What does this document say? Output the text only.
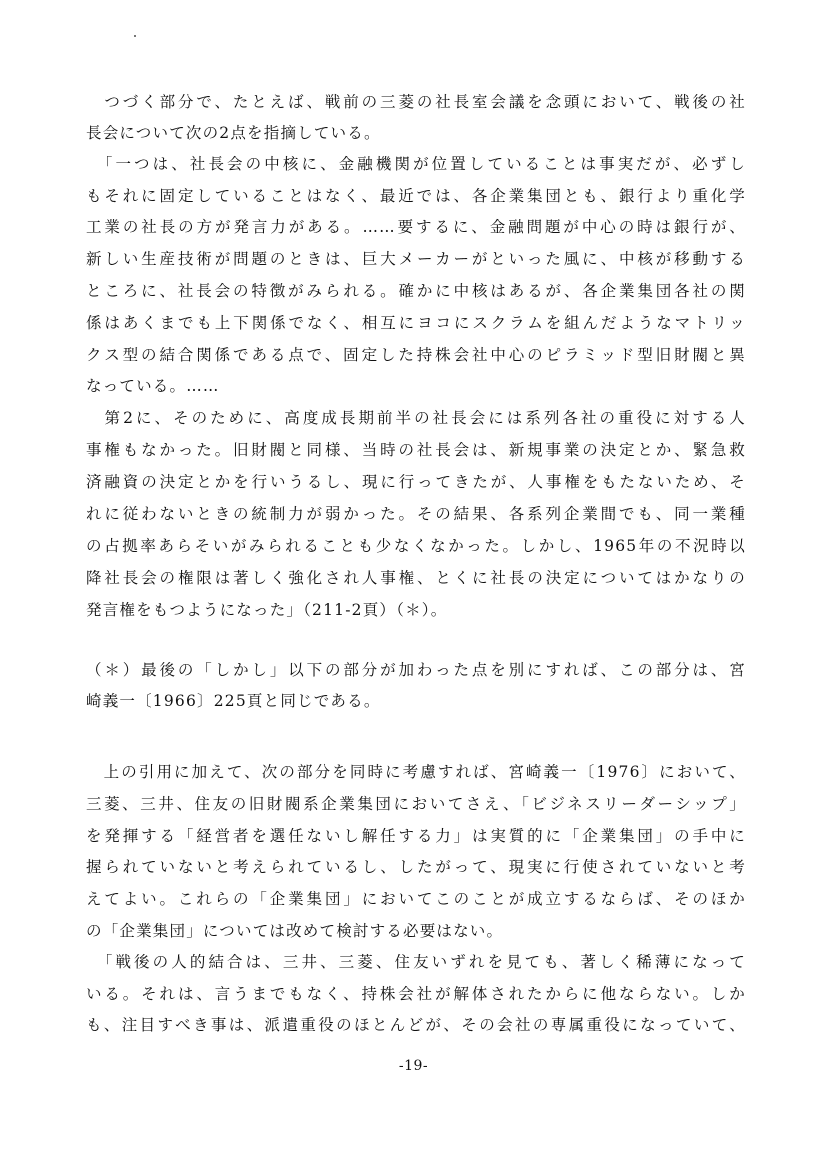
　つづく部分で、たとえば、戦前の三菱の社長室会議を念頭において、戦後の社
長会について次の2点を指摘している。
　「一つは、社長会の中核に、金融機関が位置していることは事実だが、必ずし
もそれに固定していることはなく、最近では、各企業集団とも、銀行より重化学
工業の社長の方が発言力がある。……要するに、金融問題が中心の時は銀行が、
新しい生産技術が問題のときは、巨大メーカーがといった風に、中核が移動する
ところに、社長会の特徴がみられる。確かに中核はあるが、各企業集団各社の関
係はあくまでも上下関係でなく、相互にヨコにスクラムを組んだようなマトリッ
クス型の結合関係である点で、固定した持株会社中心のピラミッド型旧財閥と異
なっている。……
　第2に、そのために、高度成長期前半の社長会には系列各社の重役に対する人
事権もなかった。旧財閥と同様、当時の社長会は、新規事業の決定とか、緊急救
済融資の決定とかを行いうるし、現に行ってきたが、人事権をもたないため、そ
れに従わないときの統制力が弱かった。その結果、各系列企業間でも、同一業種
の占拠率あらそいがみられることも少なくなかった。しかし、1965年の不況時以
降社長会の権限は著しく強化され人事権、とくに社長の決定についてはかなりの
発言権をもつようになった」（211-2頁）（＊）。
（＊）最後の「しかし」以下の部分が加わった点を別にすれば、この部分は、宮
崎義一〔1966〕225頁と同じである。
　上の引用に加えて、次の部分を同時に考慮すれば、宮崎義一〔1976〕において、
三菱、三井、住友の旧財閥系企業集団においてさえ、「ビジネスリーダーシップ」
を発揮する「経営者を選任ないし解任する力」は実質的に「企業集団」の手中に
握られていないと考えられているし、したがって、現実に行使されていないと考
えてよい。これらの「企業集団」においてこのことが成立するならば、そのほか
の「企業集団」については改めて検討する必要はない。
　「戦後の人的結合は、三井、三菱、住友いずれを見ても、著しく稀薄になって
いる。それは、言うまでもなく、持株会社が解体されたからに他ならない。しか
も、注目すべき事は、派遣重役のほとんどが、その会社の専属重役になっていて、
-19-
